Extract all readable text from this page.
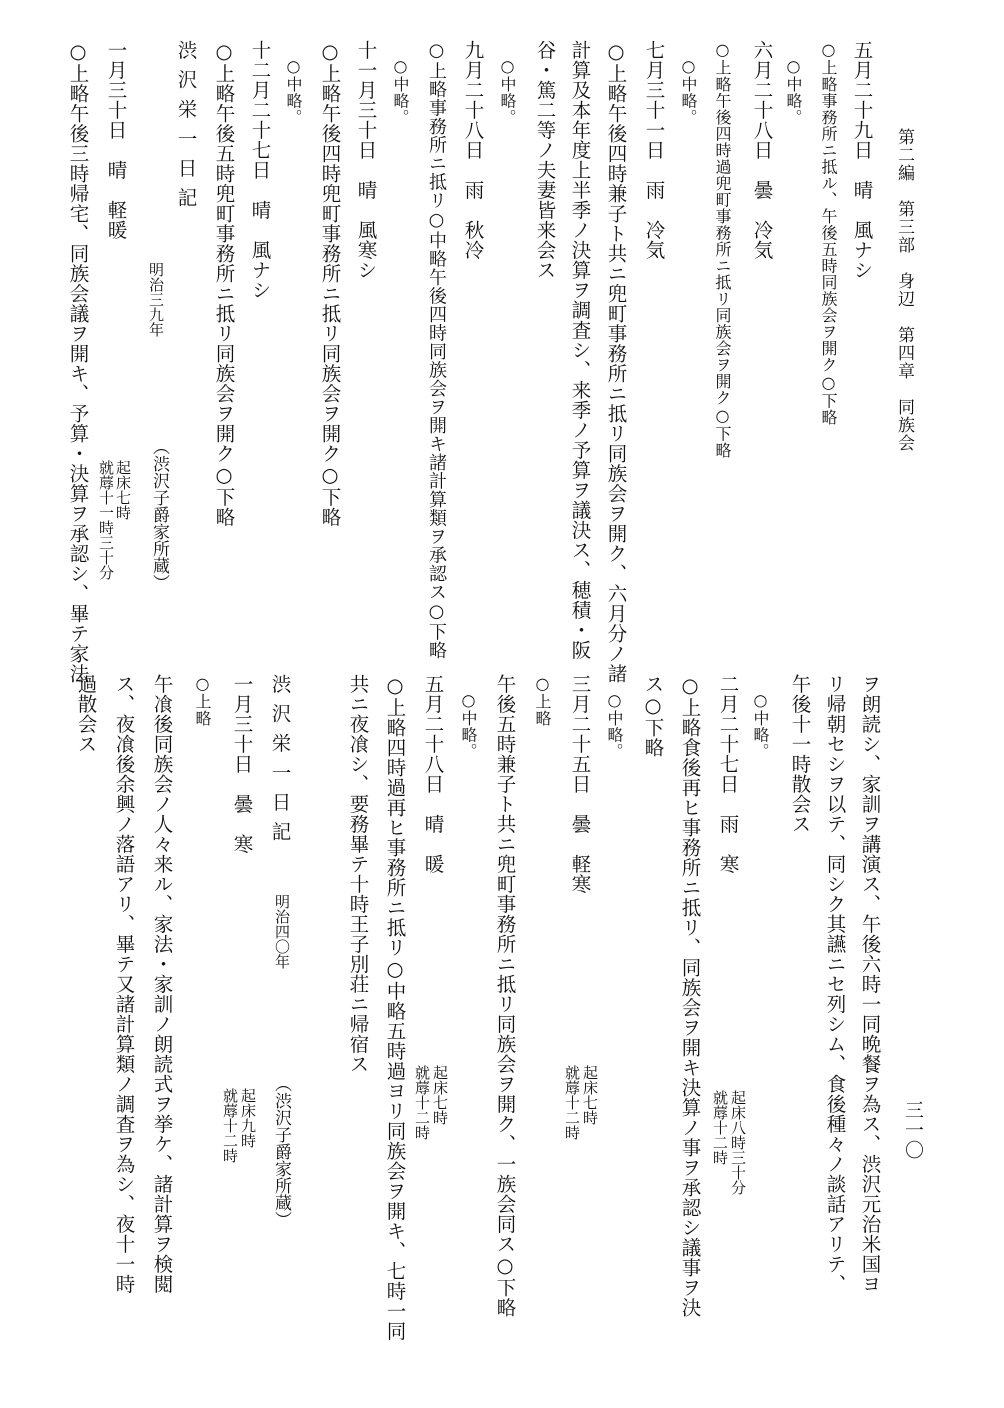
第二編　第三部　身辺　第四章　同族会
三一〇
五月二十九日　晴　風ナシ
○上略事務所ニ抵ル、午後五時同族会ヲ開ク○下略
　○中略。
六月二十八日　曇　冷気
○上略午後四時過兜町事務所ニ抵リ同族会ヲ開ク○下略
　○中略。
七月三十一日　雨　冷気
○上略午後四時兼子ト共ニ兜町事務所ニ抵リ同族会ヲ開ク、六月分ノ諸
計算及本年度上半季ノ決算ヲ調査シ、来季ノ予算ヲ議決ス、穂積・阪
谷・篤二等ノ夫妻皆来会ス
　○中略。
九月二十八日　雨　秋冷
○上略事務所ニ抵リ○中略午後四時同族会ヲ開キ諸計算類ヲ承認ス○下略
　○中略。
十一月三十日　晴　風寒シ
○上略午後四時兜町事務所ニ抵リ同族会ヲ開ク○下略
　○中略。
十二月二十七日　晴　風ナシ
○上略午後五時兜町事務所ニ抵リ同族会ヲ開ク○下略
渋沢栄一日記
明治三九年
（渋沢子爵家所蔵）
一月三十日　晴　軽暖
起床七時
就蓐十一時三十分
○上略午後三時帰宅、同族会議ヲ開キ、予算・決算ヲ承認シ、畢テ家法
ヲ朗読シ、家訓ヲ講演ス、午後六時一同晩餐ヲ為ス、渋沢元治米国ヨ
リ帰朝セシヲ以テ、同シク其讌ニセ列シム、食後種々ノ談話アリテ、
午後十一時散会ス
　○中略。
二月二十七日　雨　寒
起床八時三十分
就蓐十二時
○上略食後再ヒ事務所ニ抵リ、同族会ヲ開キ決算ノ事ヲ承認シ議事ヲ決
ス○下略
　○中略。
三月二十五日　曇　軽寒
起床七時
就蓐十二時
○上略
午後五時兼子ト共ニ兜町事務所ニ抵リ同族会ヲ開ク、一族会同ス○下略
　○中略。
五月二十八日　晴　暖
起床七時
就蓐十二時
○上略四時過再ヒ事務所ニ抵リ○中略五時過ヨリ同族会ヲ開キ、七時一同
共ニ夜飡シ、要務畢テ十時王子別荘ニ帰宿ス
渋沢栄一日記
明治四〇年
（渋沢子爵家所蔵）
一月三十日　曇　寒
起床九時
就蓐十二時
○上略
午飡後同族会ノ人々来ル、家法・家訓ノ朗読式ヲ挙ケ、諸計算ヲ検閲
ス、夜飡後余興ノ落語アリ、畢テ又諸計算類ノ調査ヲ為シ、夜十一時
過散会ス
